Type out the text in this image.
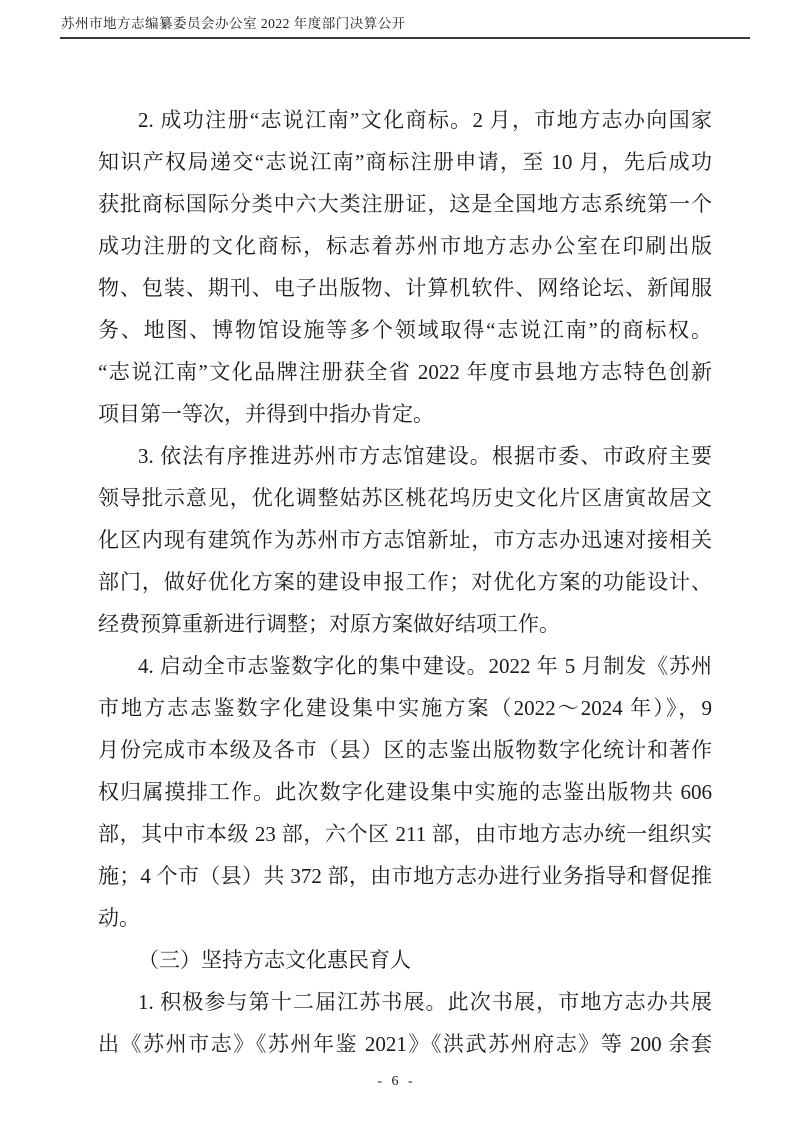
苏州市地方志编纂委员会办公室 2022 年度部门决算公开
2. 成功注册“志说江南”文化商标。2 月，市地方志办向国家
知识产权局递交“志说江南”商标注册申请，至 10 月，先后成功
获批商标国际分类中六大类注册证，这是全国地方志系统第一个
成功注册的文化商标，标志着苏州市地方志办公室在印刷出版
物、包装、期刊、电子出版物、计算机软件、网络论坛、新闻服
务、地图、博物馆设施等多个领域取得“志说江南”的商标权。
“志说江南”文化品牌注册获全省 2022 年度市县地方志特色创新
项目第一等次，并得到中指办肯定。
3. 依法有序推进苏州市方志馆建设。根据市委、市政府主要
领导批示意见，优化调整姑苏区桃花坞历史文化片区唐寅故居文
化区内现有建筑作为苏州市方志馆新址，市方志办迅速对接相关
部门，做好优化方案的建设申报工作；对优化方案的功能设计、
经费预算重新进行调整；对原方案做好结项工作。
4. 启动全市志鉴数字化的集中建设。2022 年 5 月制发《苏州
市地方志志鉴数字化建设集中实施方案（2022～2024 年）》，9
月份完成市本级及各市（县）区的志鉴出版物数字化统计和著作
权归属摸排工作。此次数字化建设集中实施的志鉴出版物共 606
部，其中市本级 23 部，六个区 211 部，由市地方志办统一组织实
施；4 个市（县）共 372 部，由市地方志办进行业务指导和督促推
动。
（三）坚持方志文化惠民育人
1. 积极参与第十二届江苏书展。此次书展，市地方志办共展
出《苏州市志》《苏州年鉴 2021》《洪武苏州府志》等 200 余套
- 6 -
